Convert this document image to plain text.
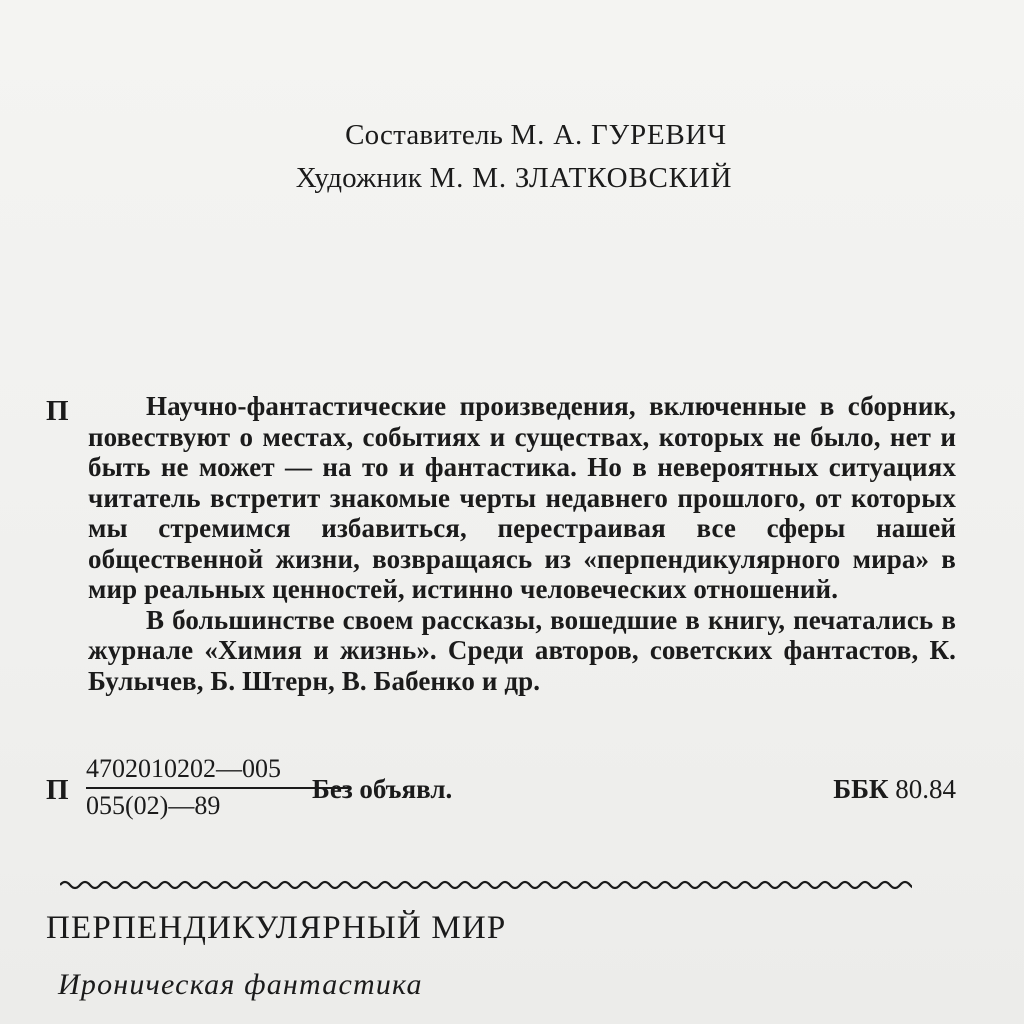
Составитель М. А. ГУРЕВИЧ
Художник М. М. ЗЛАТКОВСКИЙ
П	Научно-фантастические произведения, включенные в сборник, повествуют о местах, событиях и существах, которых не было, нет и быть не может — на то и фантастика. Но в невероятных ситуациях читатель встретит знакомые черты недавнего прошлого, от которых мы стремимся избавиться, перестраивая все сферы нашей общественной жизни, возвращаясь из «перпендикулярного мира» в мир реальных ценностей, истинно человеческих отношений.

В большинстве своем рассказы, вошедшие в книгу, печатались в журнале «Химия и жизнь». Среди авторов, советских фантастов, К. Булычев, Б. Штерн, В. Бабенко и др.

П $\frac{4702010202—005}{055(02)—89}$
Без объявл.	ББК 80.84
ПЕРПЕНДИКУЛЯРНЫЙ МИР
Ироническая фантастика
